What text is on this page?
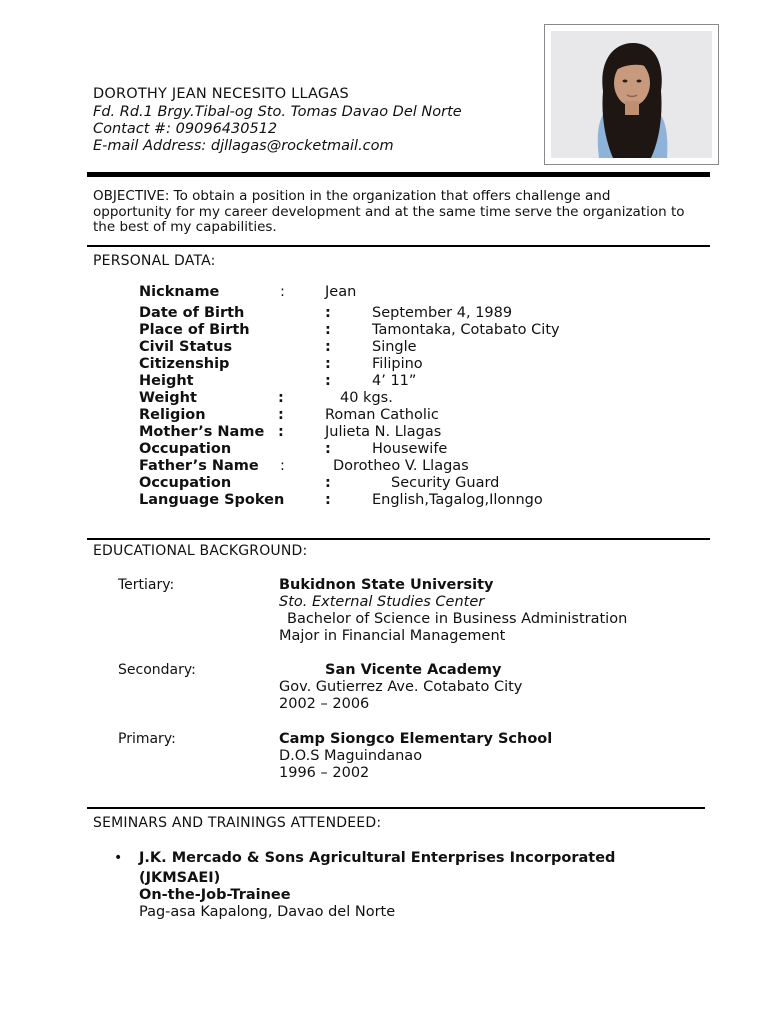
DOROTHY JEAN NECESITO LLAGAS
Fd. Rd.1 Brgy.Tibal-og Sto. Tomas Davao Del Norte
Contact #: 09096430512
E-mail Address: djllagas@rocketmail.com
OBJECTIVE: To obtain a position in the organization that offers challenge and opportunity for my career development and at the same time serve the organization to the best of my capabilities.
PERSONAL DATA:
Nickname	:	Jean
Date of Birth	:	September 4, 1989
Place of Birth	:	Tamontaka, Cotabato City
Civil Status	:	Single
Citizenship	:	Filipino
Height	:	4’ 11”
Weight	:	40 kgs.
Religion	:	Roman Catholic
Mother’s Name :	Julieta N. Llagas
Occupation	:	Housewife
Father’s Name :	Dorotheo V. Llagas
Occupation	:	Security Guard
Language Spoken	:	English,Tagalog,Ilonngo
EDUCATIONAL BACKGROUND:
Tertiary:	Bukidnon State University
Sto. External Studies Center
Bachelor of Science in Business Administration
Major in Financial Management
Secondary:	San Vicente Academy
Gov. Gutierrez Ave. Cotabato City
2002 – 2006
Primary:	Camp Siongco Elementary School
D.O.S Maguindanao
1996 – 2002
SEMINARS AND TRAININGS ATTENDEED:
• J.K. Mercado & Sons Agricultural Enterprises Incorporated
(JKMSAEI)
On-the-Job-Trainee
Pag-asa Kapalong, Davao del Norte
